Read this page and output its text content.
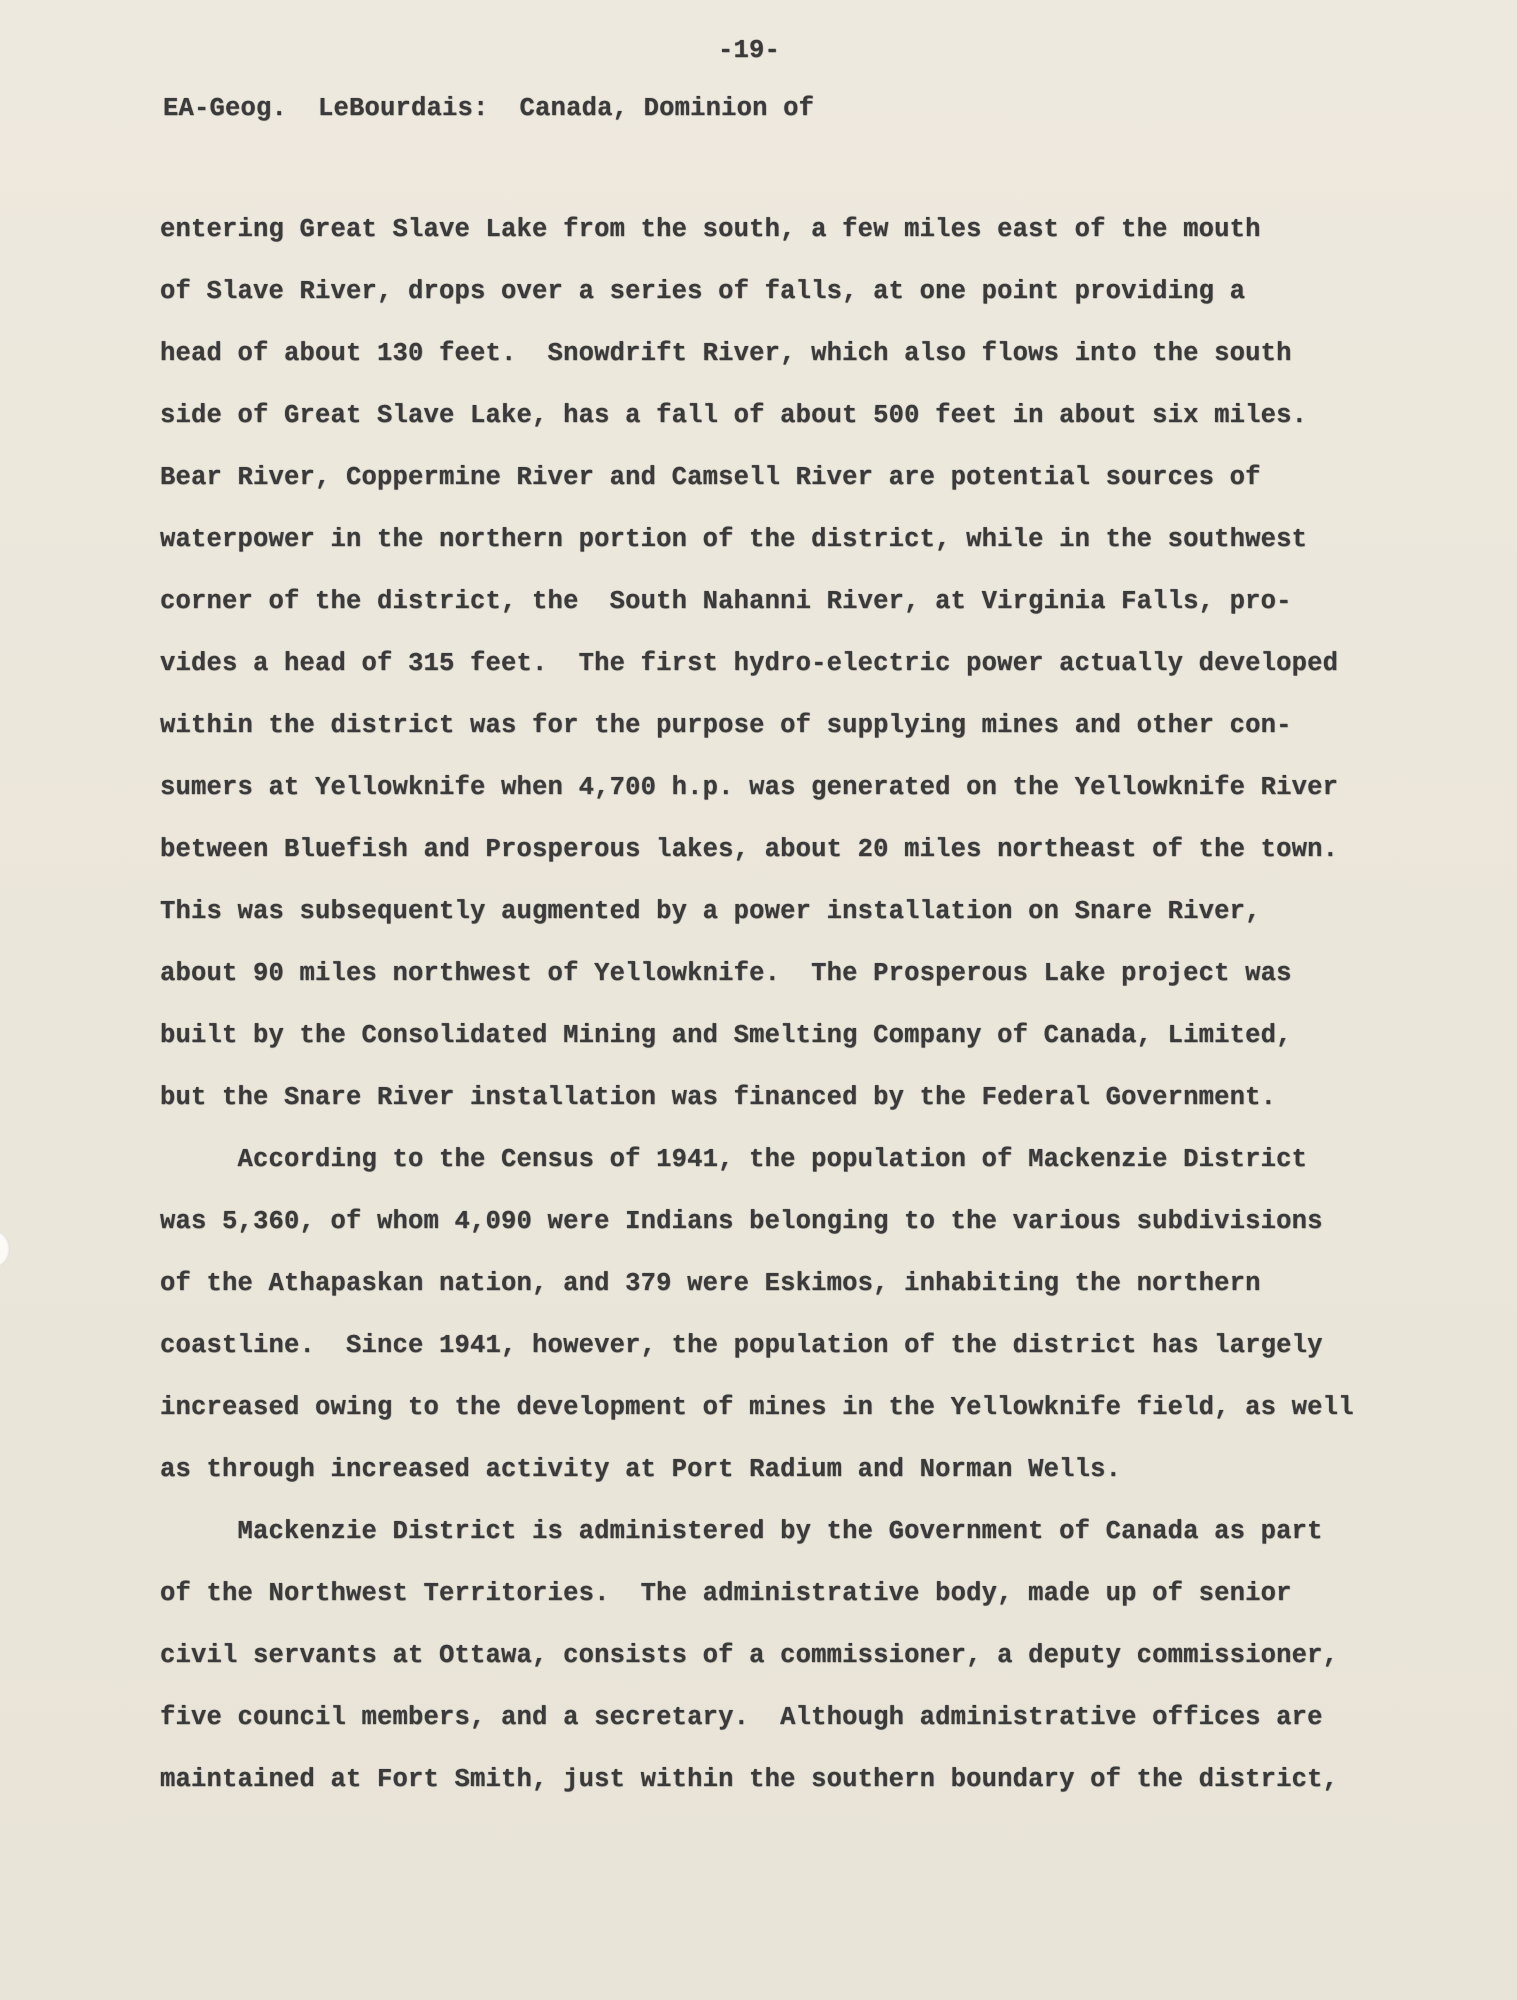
-19-
EA-Geog.  LeBourdais:  Canada, Dominion of
entering Great Slave Lake from the south, a few miles east of the mouth
of Slave River, drops over a series of falls, at one point providing a
head of about 130 feet.  Snowdrift River, which also flows into the south
side of Great Slave Lake, has a fall of about 500 feet in about six miles.
Bear River, Coppermine River and Camsell River are potential sources of
waterpower in the northern portion of the district, while in the southwest
corner of the district, the  South Nahanni River, at Virginia Falls, pro-
vides a head of 315 feet.  The first hydro-electric power actually developed
within the district was for the purpose of supplying mines and other con-
sumers at Yellowknife when 4,700 h.p. was generated on the Yellowknife River
between Bluefish and Prosperous lakes, about 20 miles northeast of the town.
This was subsequently augmented by a power installation on Snare River,
about 90 miles northwest of Yellowknife.  The Prosperous Lake project was
built by the Consolidated Mining and Smelting Company of Canada, Limited,
but the Snare River installation was financed by the Federal Government.
According to the Census of 1941, the population of Mackenzie District
was 5,360, of whom 4,090 were Indians belonging to the various subdivisions
of the Athapaskan nation, and 379 were Eskimos, inhabiting the northern
coastline.  Since 1941, however, the population of the district has largely
increased owing to the development of mines in the Yellowknife field, as well
as through increased activity at Port Radium and Norman Wells.
Mackenzie District is administered by the Government of Canada as part
of the Northwest Territories.  The administrative body, made up of senior
civil servants at Ottawa, consists of a commissioner, a deputy commissioner,
five council members, and a secretary.  Although administrative offices are
maintained at Fort Smith, just within the southern boundary of the district,
